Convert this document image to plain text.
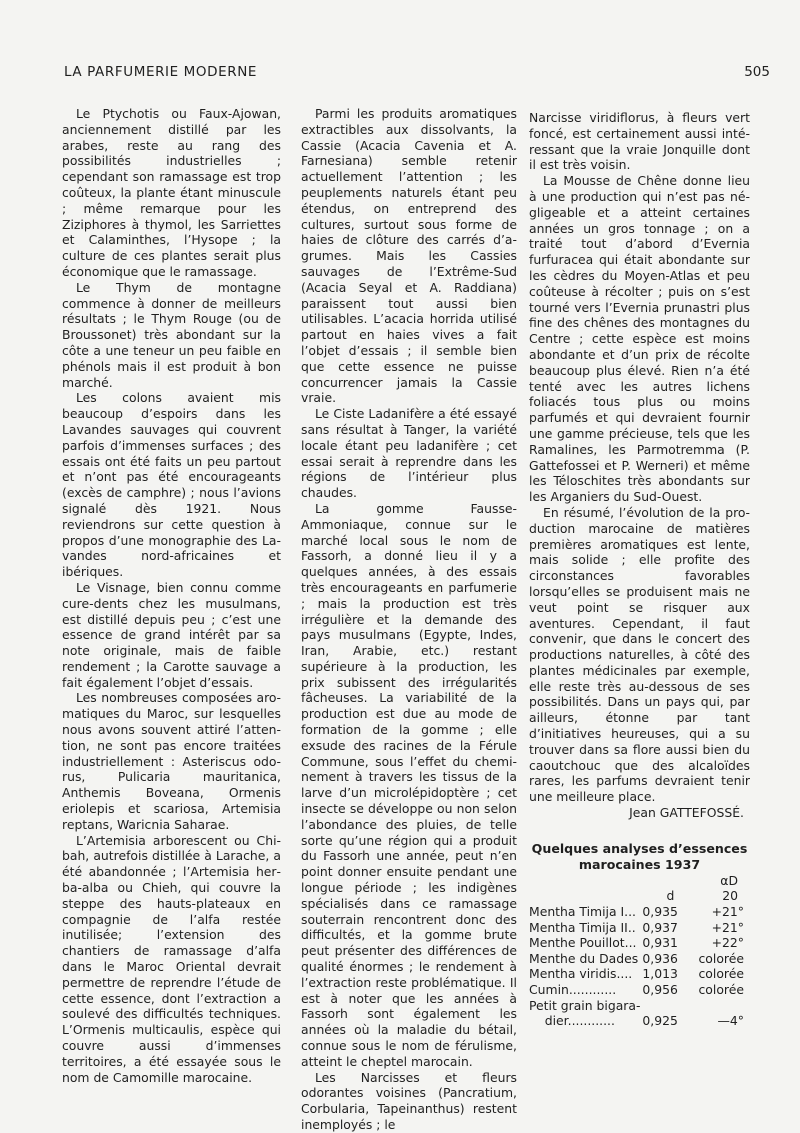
LA PARFUMERIE MODERNE	505

Le Ptychotis ou Faux-Ajowan, anciennement distillé par les arabes, reste au rang des possibilités industrielles ; cependant son ramassage est trop coûteux, la plante étant minuscule ; même remarque pour les Ziziphores à thymol, les Sarriettes et Calaminthes, l’Hysope ; la culture de ces plantes serait plus économique que le ramassage.

Le Thym de montagne commence à donner de meilleurs résultats ; le Thym Rouge (ou de Broussonet) très abondant sur la côte a une teneur un peu faible en phénols mais il est produit à bon marché.

Les colons avaient mis beaucoup d’espoirs dans les Lavandes sauvages qui couvrent parfois d’immenses surfaces ; des essais ont été faits un peu partout et n’ont pas été encourageants (excès de camphre) ; nous l’avions signalé dès 1921. Nous reviendrons sur cette question à propos d’une monographie des Lavandes nord-africaines et ibériques.

Le Visnage, bien connu comme cure-dents chez les musulmans, est distillé depuis peu ; c’est une essence de grand intérêt par sa note originale, mais de faible rendement ; la Carotte sauvage a fait également l’objet d’essais.

Les nombreuses composées aromatiques du Maroc, sur lesquelles nous avons souvent attiré l’attention, ne sont pas encore traitées industriellement : Asteriscus odorus, Pulicaria mauritanica, Anthemis Boveana, Ormenis eriolepis et scariosa, Artemisia reptans, Waricnia Saharae.

L’Artemisia arborescent ou Chibah, autrefois distillée à Larache, a été abandonnée ; l’Artemisia herba-alba ou Chieh, qui couvre la steppe des hauts-plateaux en compagnie de l’alfa restée inutilisée; l’extension des chantiers de ramassage d’alfa dans le Maroc Oriental devrait permettre de reprendre l’étude de cette essence, dont l’extraction a soulevé des difficultés techniques. L’Ormenis multicaulis, espèce qui couvre aussi d’immenses territoires, a été essayée sous le nom de Camomille marocaine.

Parmi les produits aromatiques extractibles aux dissolvants, la Cassie (Acacia Cavenia et A. Farnesiana) semble retenir actuellement l’attention ; les peuplements naturels étant peu étendus, on entreprend des cultures, surtout sous forme de haies de clôture des carrés d’agrumes. Mais les Cassies sauvages de l’Extrême-Sud (Acacia Seyal et A. Raddiana) paraissent tout aussi bien utilisables. L’acacia horrida utilisé partout en haies vives a fait l’objet d’essais ; il semble bien que cette essence ne puisse concurrencer jamais la Cassie vraie.

Le Ciste Ladanifère a été essayé sans résultat à Tanger, la variété locale étant peu ladanifère ; cet essai serait à reprendre dans les régions de l’intérieur plus chaudes.

La gomme Fausse-Ammoniaque, connue sur le marché local sous le nom de Fassorh, a donné lieu il y a quelques années, à des essais très encourageants en parfumerie ; mais la production est très irrégulière et la demande des pays musulmans (Egypte, Indes, Iran, Arabie, etc.) restant supérieure à la production, les prix subissent des irrégularités fâcheuses. La variabilité de la production est due au mode de formation de la gomme ; elle exsude des racines de la Férule Commune, sous l’effet du cheminement à travers les tissus de la larve d’un microlépidoptère ; cet insecte se développe ou non selon l’abondance des pluies, de telle sorte qu’une région qui a produit du Fassorh une année, peut n’en point donner ensuite pendant une longue période ; les indigènes spécialisés dans ce ramassage souterrain rencontrent donc des difficultés, et la gomme brute peut présenter des différences de qualité énormes ; le rendement à l’extraction reste problématique. Il est à noter que les années à Fassorh sont également les années où la maladie du bétail, connue sous le nom de férulisme, atteint le cheptel marocain.

Les Narcisses et fleurs odorantes voisines (Pancratium, Corbularia, Tapeinanthus) restent inemployés ; le

Narcisse viridiflorus, à fleurs vert foncé, est certainement aussi intéressant que la vraie Jonquille dont il est très voisin.

La Mousse de Chêne donne lieu à une production qui n’est pas négligeable et a atteint certaines années un gros tonnage ; on a traité tout d’abord d’Evernia furfuracea qui était abondante sur les cèdres du Moyen-Atlas et peu coûteuse à récolter ; puis on s’est tourné vers l’Evernia prunastri plus fine des chênes des montagnes du Centre ; cette espèce est moins abondante et d’un prix de récolte beaucoup plus élevé. Rien n’a été tenté avec les autres lichens foliacés tous plus ou moins parfumés et qui devraient fournir une gamme précieuse, tels que les Ramalines, les Parmotremma (P. Gattefossei et P. Werneri) et même les Téloschites très abondants sur les Arganiers du Sud-Ouest.

En résumé, l’évolution de la production marocaine de matières premières aromatiques est lente, mais solide ; elle profite des circonstances favorables lorsqu’elles se produisent mais ne veut point se risquer aux aventures. Cependant, il faut convenir, que dans le concert des productions naturelles, à côté des plantes médicinales par exemple, elle reste très au-dessous de ses possibilités. Dans un pays qui, par ailleurs, étonne par tant d’initiatives heureuses, qui a su trouver dans sa flore aussi bien du caoutchouc que des alcaloïdes rares, les parfums devraient tenir une meilleure place.

Jean GATTEFOSSÉ.

Quelques analyses d’essences
marocaines 1937
		αD
	d	20
Mentha Timija I...	0,935	+21°
Mentha Timija II..	0,937	+21°
Menthe Pouillot...	0,931	+22°
Menthe du Dades	0,936	colorée
Mentha viridis....	1,013	colorée
Cumin............	0,956	colorée
Petit grain bigara-		
dier............	0,925	—4°
